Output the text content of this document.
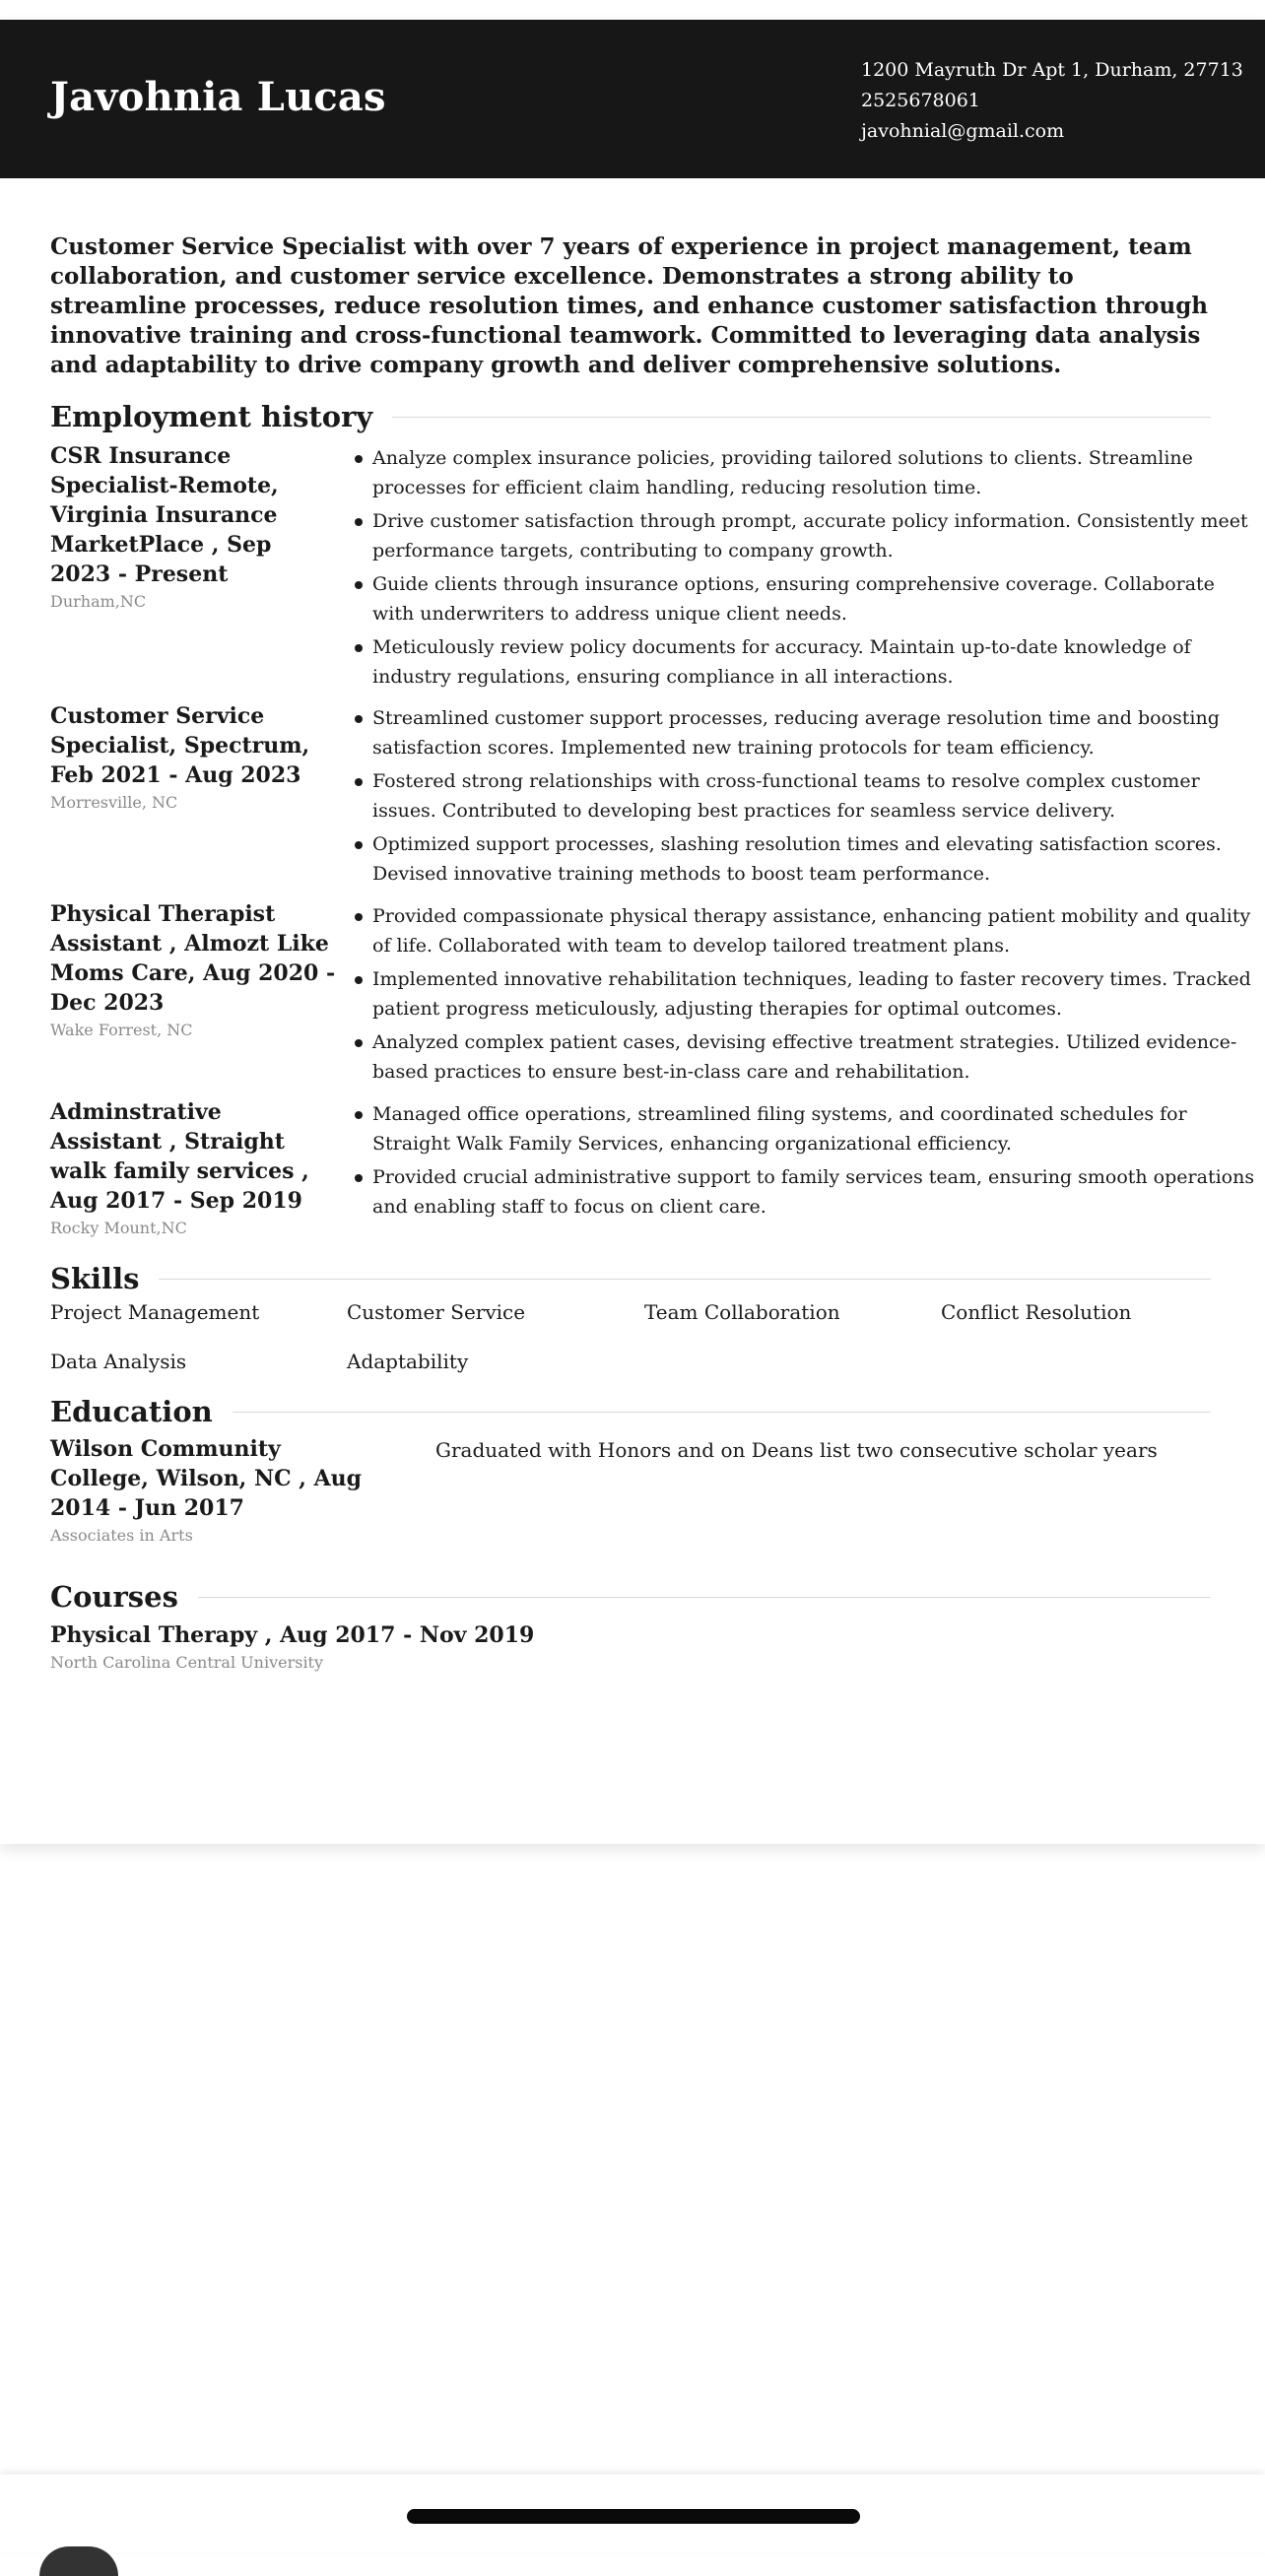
Javohnia Lucas
1200 Mayruth Dr Apt 1, Durham, 27713
2525678061
javohnial@gmail.com
Customer Service Specialist with over 7 years of experience in project management, team collaboration, and customer service excellence. Demonstrates a strong ability to streamline processes, reduce resolution times, and enhance customer satisfaction through innovative training and cross-functional teamwork. Committed to leveraging data analysis and adaptability to drive company growth and deliver comprehensive solutions.
Employment history
CSR Insurance Specialist-Remote, Virginia Insurance MarketPlace , Sep 2023 - Present
Durham,NC
Analyze complex insurance policies, providing tailored solutions to clients. Streamline processes for efficient claim handling, reducing resolution time.
Drive customer satisfaction through prompt, accurate policy information. Consistently meet performance targets, contributing to company growth.
Guide clients through insurance options, ensuring comprehensive coverage. Collaborate with underwriters to address unique client needs.
Meticulously review policy documents for accuracy. Maintain up-to-date knowledge of industry regulations, ensuring compliance in all interactions.
Customer Service Specialist, Spectrum, Feb 2021 - Aug 2023
Morresville, NC
Streamlined customer support processes, reducing average resolution time and boosting satisfaction scores. Implemented new training protocols for team efficiency.
Fostered strong relationships with cross-functional teams to resolve complex customer issues. Contributed to developing best practices for seamless service delivery.
Optimized support processes, slashing resolution times and elevating satisfaction scores. Devised innovative training methods to boost team performance.
Physical Therapist Assistant , Almozt Like Moms Care, Aug 2020 - Dec 2023
Wake Forrest, NC
Provided compassionate physical therapy assistance, enhancing patient mobility and quality of life. Collaborated with team to develop tailored treatment plans.
Implemented innovative rehabilitation techniques, leading to faster recovery times. Tracked patient progress meticulously, adjusting therapies for optimal outcomes.
Analyzed complex patient cases, devising effective treatment strategies. Utilized evidence-based practices to ensure best-in-class care and rehabilitation.
Adminstrative Assistant , Straight walk family services , Aug 2017 - Sep 2019
Rocky Mount,NC
Managed office operations, streamlined filing systems, and coordinated schedules for Straight Walk Family Services, enhancing organizational efficiency.
Provided crucial administrative support to family services team, ensuring smooth operations and enabling staff to focus on client care.
Skills
Project Management	Customer Service	Team Collaboration	Conflict Resolution
Data Analysis	Adaptability
Education
Wilson Community College, Wilson, NC , Aug 2014 - Jun 2017
Associates in Arts
Graduated with Honors and on Deans list two consecutive scholar years
Courses
Physical Therapy , Aug 2017 - Nov 2019
North Carolina Central University
